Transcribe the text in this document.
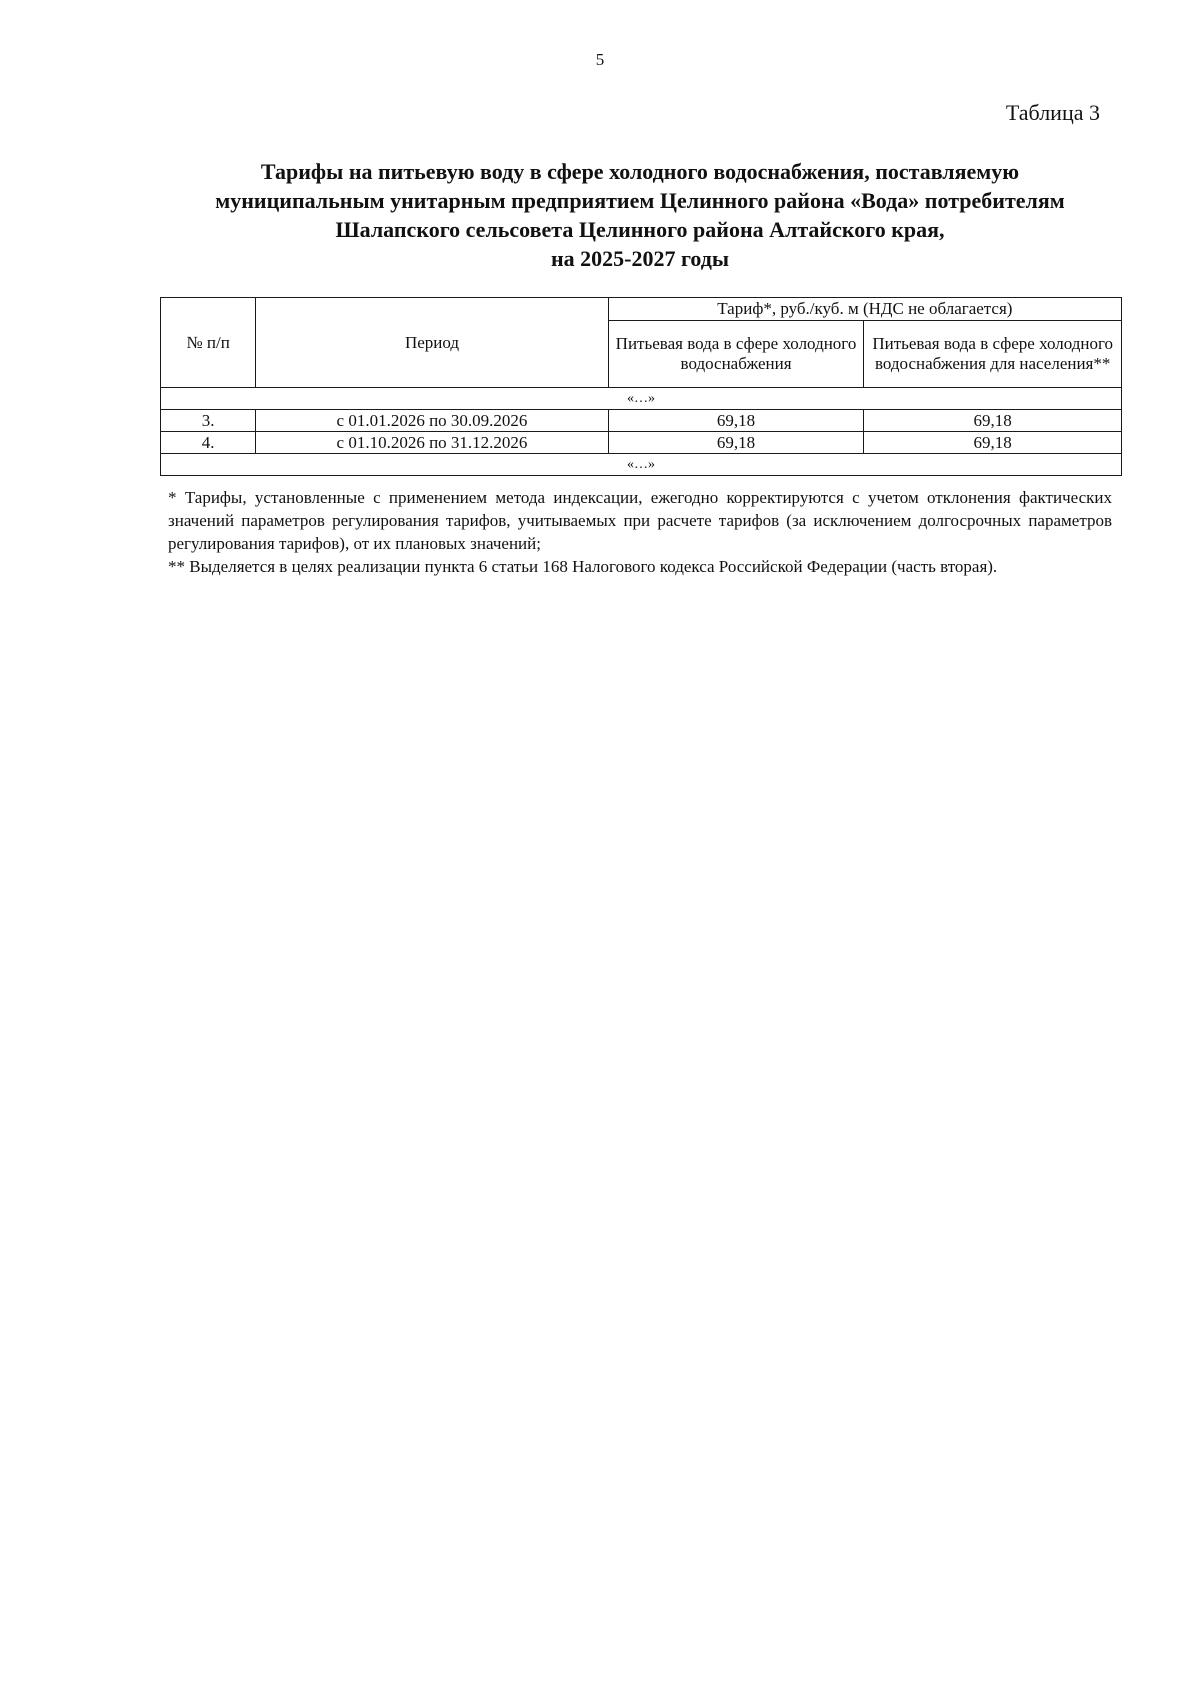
5
Таблица 3
Тарифы на питьевую воду в сфере холодного водоснабжения, поставляемую
муниципальным унитарным предприятием Целинного района «Вода» потребителям
Шалапского сельсовета Целинного района Алтайского края,
на 2025-2027 годы
№ п/п	Период	Тариф*, руб./куб. м (НДС не облагается)	
		Питьевая вода в сфере холодного водоснабжения	Питьевая вода в сфере холодного водоснабжения для населения**
«…»			
3.	с 01.01.2026 по 30.09.2026	69,18	69,18
4.	с 01.10.2026 по 31.12.2026	69,18	69,18
«…»			

* Тарифы, установленные с применением метода индексации, ежегодно корректируются с учетом отклонения фактических значений параметров регулирования тарифов, учитываемых при расчете тарифов (за исключением долгосрочных параметров регулирования тарифов), от их плановых значений;

** Выделяется в целях реализации пункта 6 статьи 168 Налогового кодекса Российской Федерации (часть вторая).
